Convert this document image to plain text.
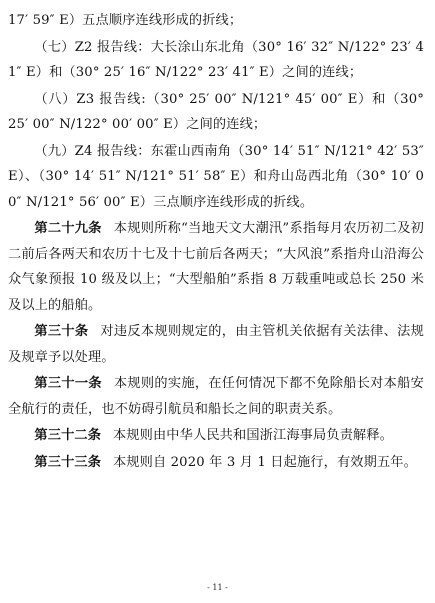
17′ 59″ E）五点顺序连线形成的折线；

（七）Z2 报告线：大长涂山东北角（30° 16′ 32″ N/122° 23′ 41″ E）和（30° 25′ 16″ N/122° 23′ 41″ E）之间的连线；

（八）Z3 报告线:（30° 25′ 00″ N/121° 45′ 00″ E）和（30° 25′ 00″ N/122° 00′ 00″ E）之间的连线；

（九）Z4 报告线：东霍山西南角（30° 14′ 51″ N/121° 42′ 53″ E）、（30° 14′ 51″ N/121° 51′ 58″ E）和舟山岛西北角（30° 10′ 00″ N/121° 56′ 00″ E）三点顺序连线形成的折线。

第二十九条 本规则所称“当地天文大潮汛”系指每月农历初二及初二前后各两天和农历十七及十七前后各两天；“大风浪”系指舟山沿海公众气象预报 10 级及以上；“大型船舶”系指 8 万载重吨或总长 250 米及以上的船舶。

第三十条 对违反本规则规定的，由主管机关依据有关法律、法规及规章予以处理。

第三十一条 本规则的实施，在任何情况下都不免除船长对本船安全航行的责任，也不妨碍引航员和船长之间的职责关系。

第三十二条 本规则由中华人民共和国浙江海事局负责解释。

第三十三条 本规则自 2020 年 3 月 1 日起施行，有效期五年。

- 11 -
